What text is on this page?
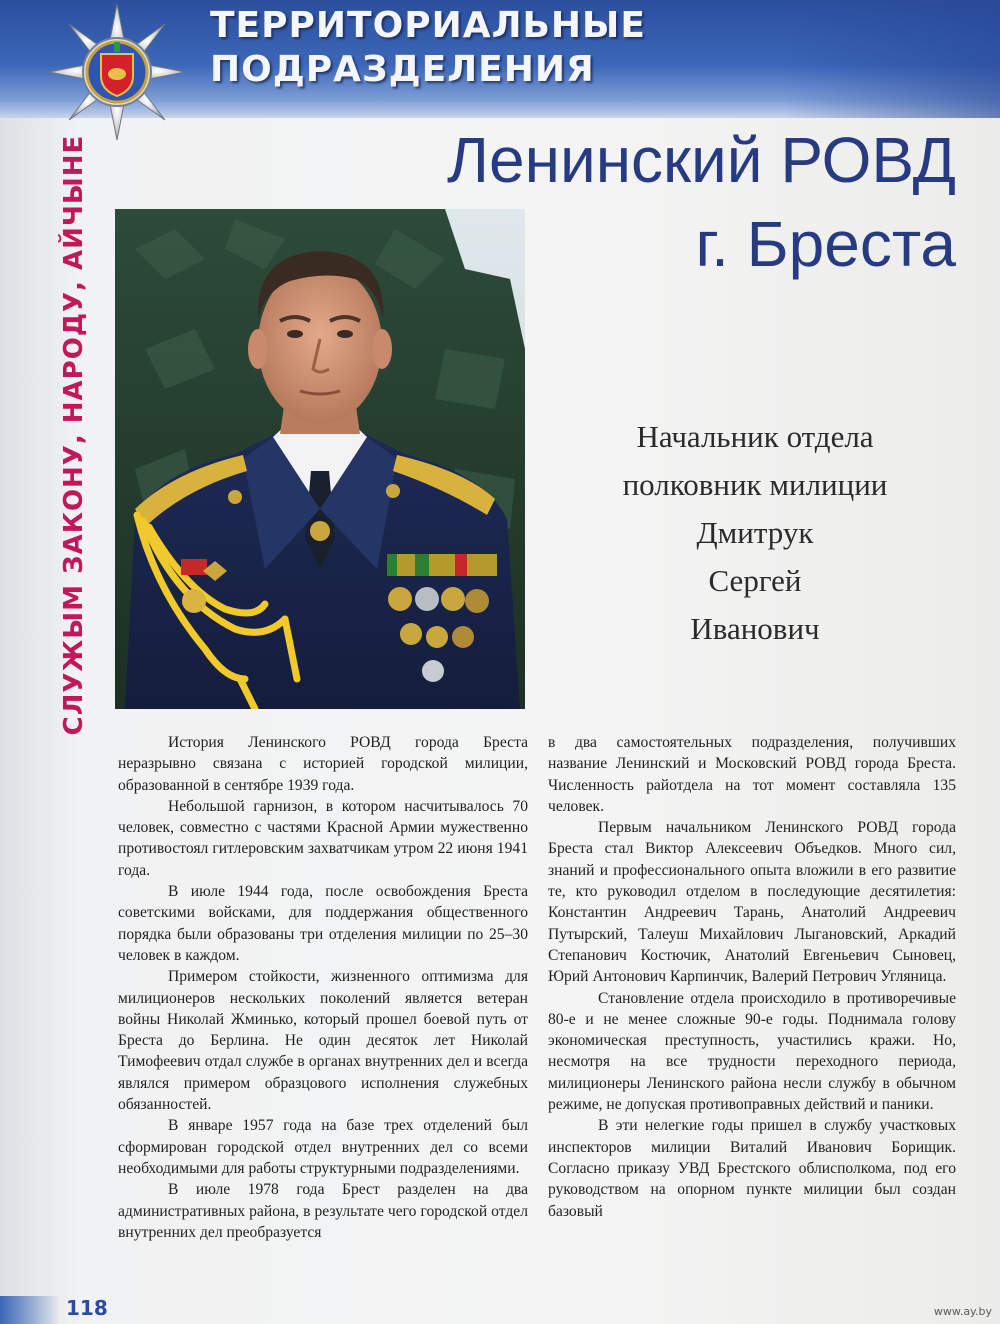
ТЕРРИТОРИАЛЬНЫЕ
ПОДРАЗДЕЛЕНИЯ
СЛУЖЫМ ЗАКОНУ, НАРОДУ, АЙЧЫНЕ	Ленинский РОВД
г. Бреста
Начальник отдела
полковник милиции
Дмитрук
Сергей
Иванович

История Ленинского РОВД города Бреста неразрывно связана с историей городской милиции, образованной в сентябре 1939 года.

Небольшой гарнизон, в котором насчитывалось 70 человек, совместно с частями Красной Армии мужественно противостоял гитлеровским захватчикам утром 22 июня 1941 года.

В июле 1944 года, после освобождения Бреста советскими войсками, для поддержания общественного порядка были образованы три отделения милиции по 25–30 человек в каждом.

Примером стойкости, жизненного оптимизма для милиционеров нескольких поколений является ветеран войны Николай Жминько, который прошел боевой путь от Бреста до Берлина. Не один десяток лет Николай Тимофеевич отдал службе в органах внутренних дел и всегда являлся примером образцового исполнения служебных обязанностей.

В январе 1957 года на базе трех отделений был сформирован городской отдел внутренних дел со всеми необходимыми для работы структурными подразделениями.

В июле 1978 года Брест разделен на два административных района, в результате чего городской отдел внутренних дел преобразуется

в два самостоятельных подразделения, получивших название Ленинский и Московский РОВД города Бреста. Численность райотдела на тот момент составляла 135 человек.

Первым начальником Ленинского РОВД города Бреста стал Виктор Алексеевич Объедков. Много сил, знаний и профессионального опыта вложили в его развитие те, кто руководил отделом в последующие десятилетия: Константин Андреевич Тарань, Анатолий Андреевич Путырский, Талеуш Михайлович Лыгановский, Аркадий Степанович Костючик, Анатолий Евгеньевич Сыновец, Юрий Антонович Карпинчик, Валерий Петрович Угляница.

Становление отдела происходило в противоречивые 80-е и не менее сложные 90-е годы. Поднимала голову экономическая преступность, участились кражи. Но, несмотря на все трудности переходного периода, милиционеры Ленинского района несли службу в обычном режиме, не допуская противоправных действий и паники.

В эти нелегкие годы пришел в службу участковых инспекторов милиции Виталий Иванович Борищик. Согласно приказу УВД Брестского облисполкома, под его руководством на опорном пункте милиции был создан базовый

118	www.ay.by
